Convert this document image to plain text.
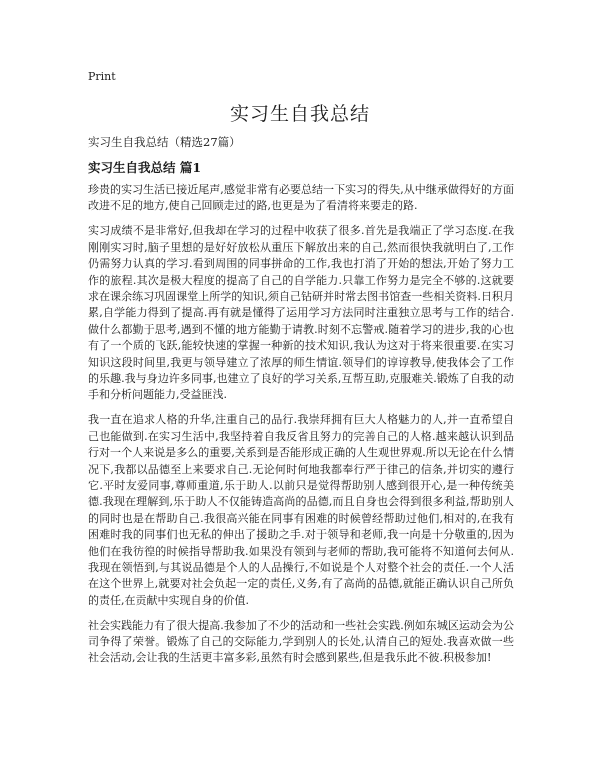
Print
实习生自我总结

实习生自我总结（精选27篇）

实习生自我总结 篇1

珍贵的实习生活已接近尾声,感觉非常有必要总结一下实习的得失,从中继承做得好的方面改进不足的地方,使自己回顾走过的路,也更是为了看清将来要走的路.

实习成绩不是非常好,但我却在学习的过程中收获了很多.首先是我端正了学习态度.在我刚刚实习时,脑子里想的是好好放松从重压下解放出来的自己,然而很快我就明白了,工作仍需努力认真的学习.看到周围的同事拼命的工作,我也打消了开始的想法,开始了努力工作的旅程.其次是极大程度的提高了自己的自学能力.只靠工作努力是完全不够的.这就要求在课余练习巩固课堂上所学的知识,须自己钻研并时常去图书馆查一些相关资料.日积月累,自学能力得到了提高.再有就是懂得了运用学习方法同时注重独立思考与工作的结合.做什么都勤于思考,遇到不懂的地方能勤于请教.时刻不忘警戒.随着学习的进步,我的心也有了一个质的飞跃,能较快速的掌握一种新的技术知识,我认为这对于将来很重要.在实习知识这段时间里,我更与领导建立了浓厚的师生情谊.领导们的谆谆教导,使我体会了工作的乐趣.我与身边许多同事,也建立了良好的学习关系,互帮互助,克服难关.锻炼了自我的动手和分析问题能力,受益匪浅.

我一直在追求人格的升华,注重自己的品行.我崇拜拥有巨大人格魅力的人,并一直希望自己也能做到.在实习生活中,我坚持着自我反省且努力的完善自己的人格.越来越认识到品行对一个人来说是多么的重要,关系到是否能形成正确的人生观世界观.所以无论在什么情况下,我都以品德至上来要求自己.无论何时何地我都奉行严于律己的信条,并切实的遵行它.平时友爱同事,尊师重道,乐于助人.以前只是觉得帮助别人感到很开心,是一种传统美德.我现在理解到,乐于助人不仅能铸造高尚的品德,而且自身也会得到很多利益,帮助别人的同时也是在帮助自己.我很高兴能在同事有困难的时候曾经帮助过他们,相对的,在我有困难时我的同事们也无私的伸出了援助之手.对于领导和老师,我一向是十分敬重的,因为他们在我彷徨的时候指导帮助我.如果没有领到与老师的帮助,我可能将不知道何去何从.我现在领悟到,与其说品德是个人的人品操行,不如说是个人对整个社会的责任.一个人活在这个世界上,就要对社会负起一定的责任,义务,有了高尚的品德,就能正确认识自己所负的责任,在贡献中实现自身的价值.

社会实践能力有了很大提高.我参加了不少的活动和一些社会实践.例如东城区运动会为公司争得了荣誉。锻炼了自己的交际能力,学到别人的长处,认清自己的短处.我喜欢做一些社会活动,会让我的生活更丰富多彩,虽然有时会感到累些,但是我乐此不彼.积极参加!
